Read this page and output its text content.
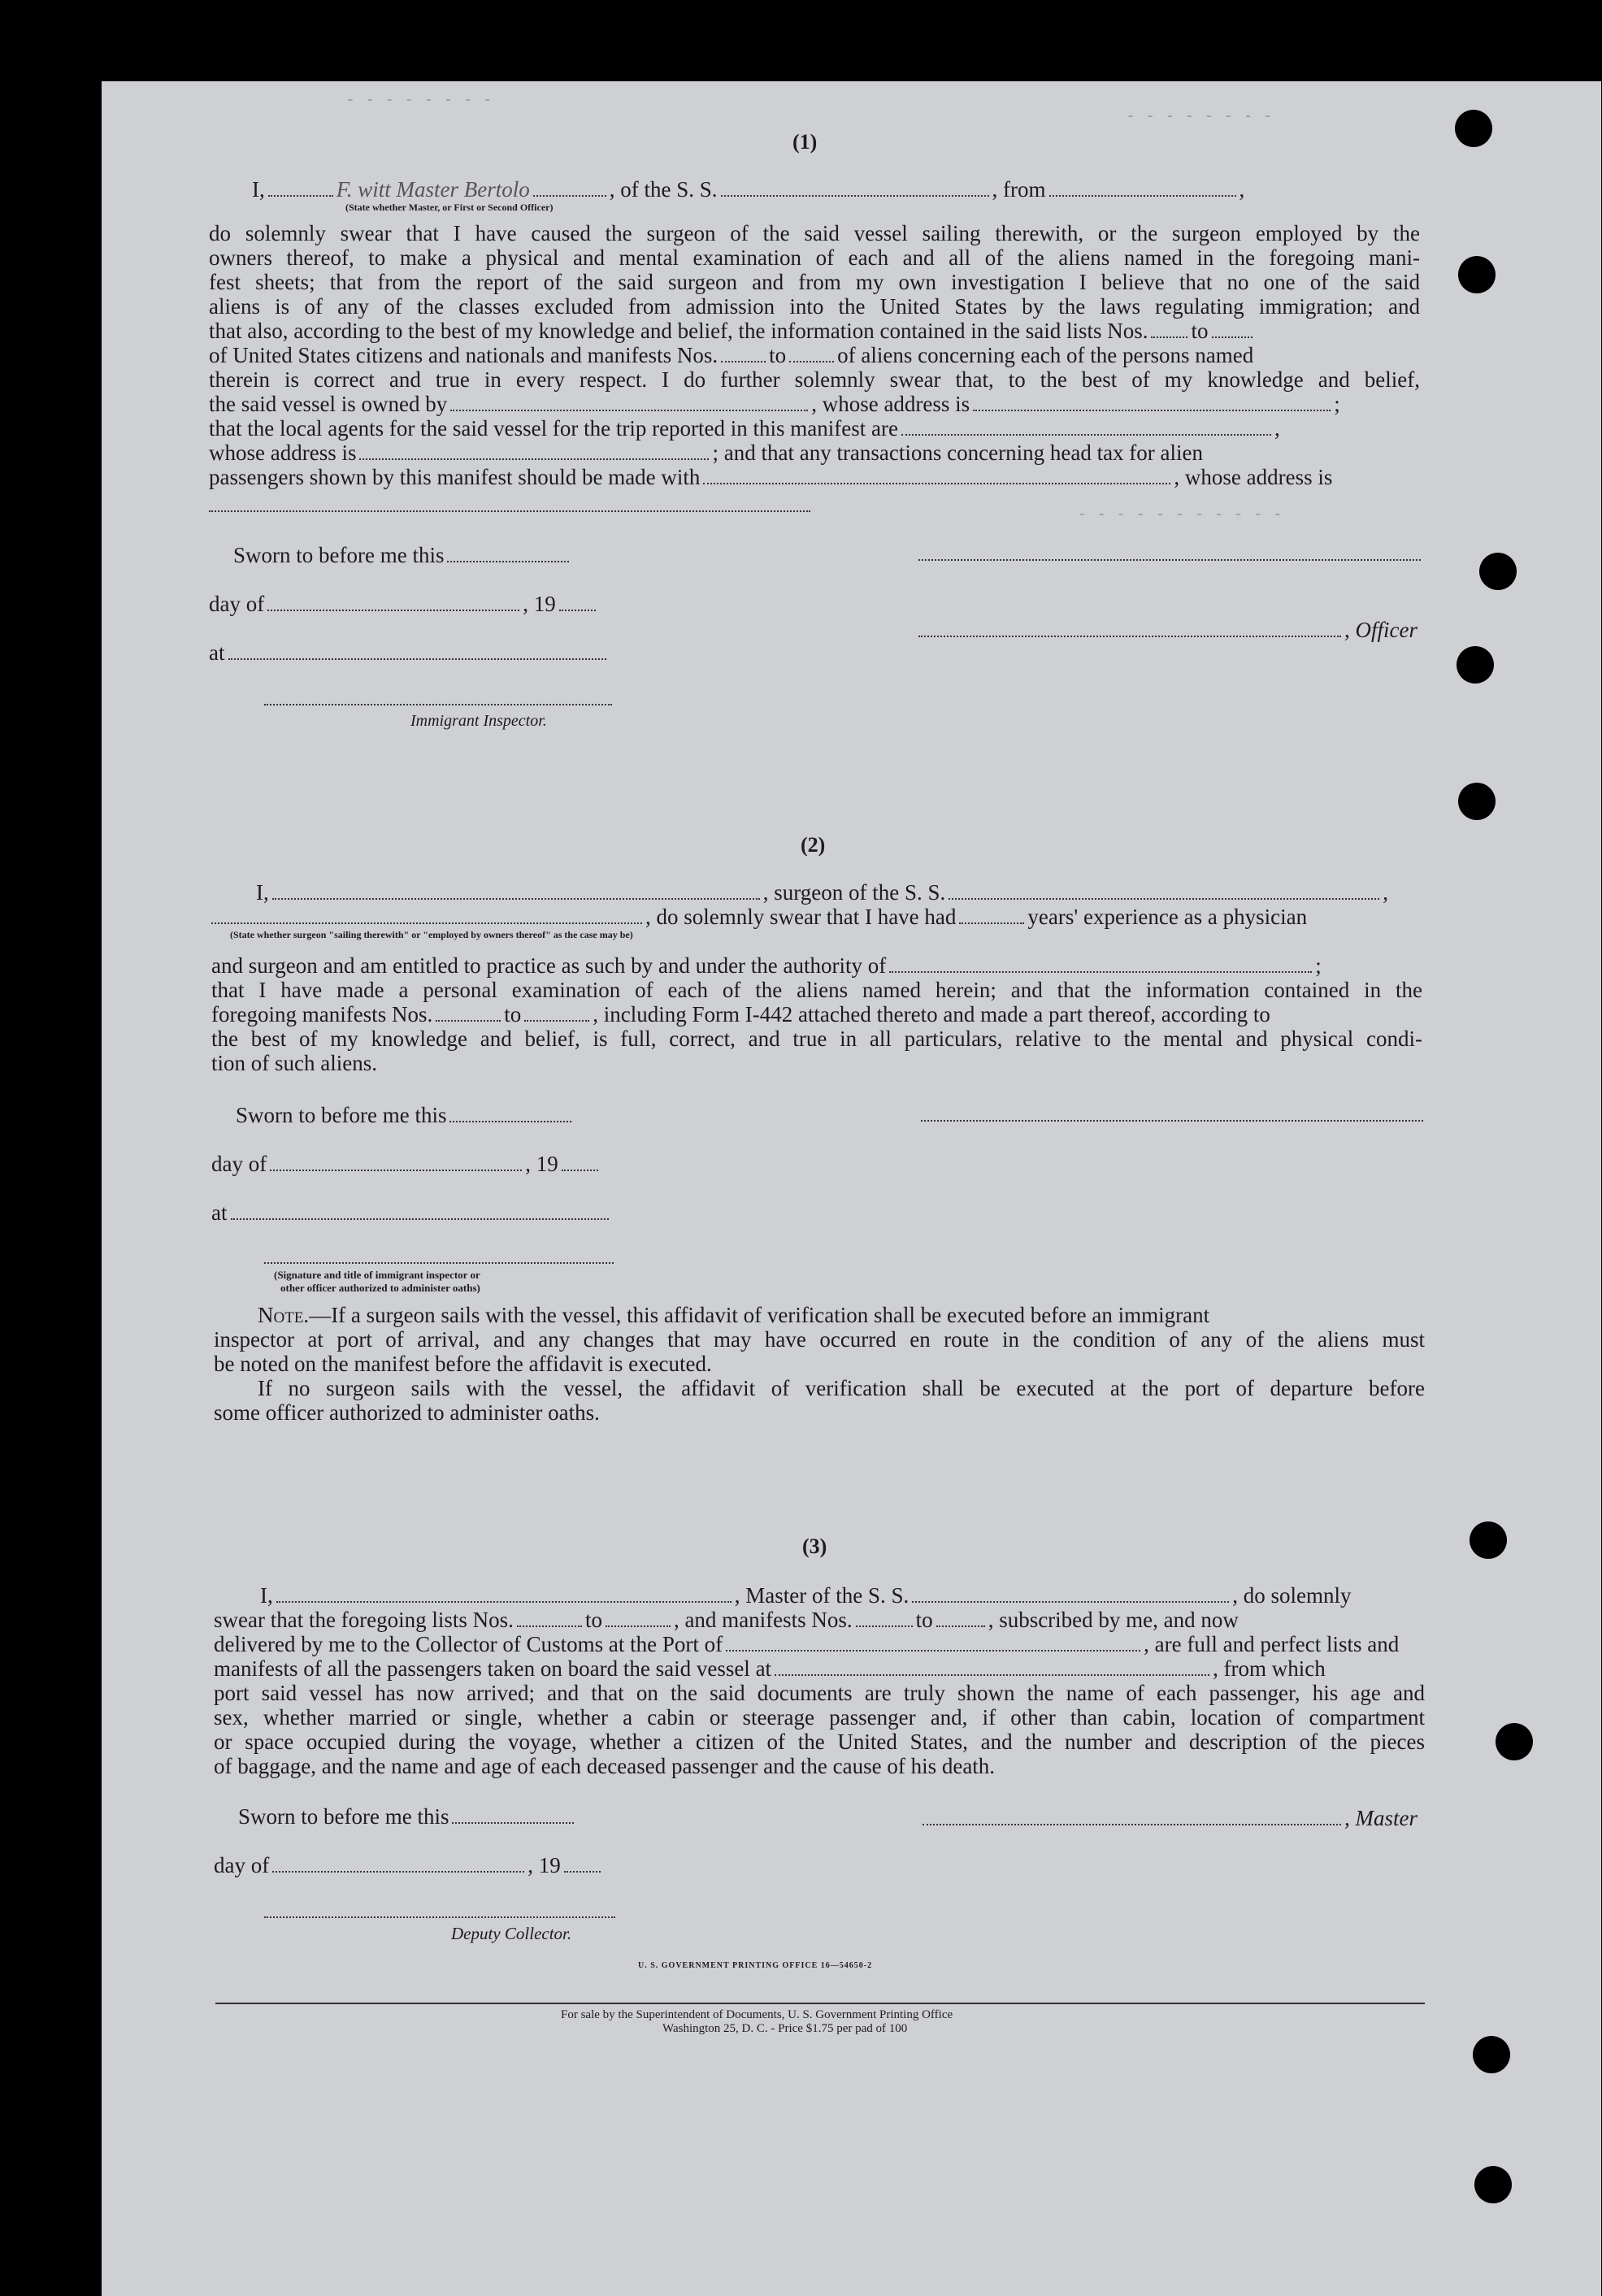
- - - - - - - -
- - - - - - - -
- - - - - - - - - - -
(1)
I,	F. witt Master Bertolo	, of the S. S.	, from	,
(State whether Master, or First or Second Officer)
do solemnly swear that I have caused the surgeon of the said vessel sailing therewith, or the surgeon employed by the
owners thereof, to make a physical and mental examination of each and all of the aliens named in the foregoing mani-
fest sheets; that from the report of the said surgeon and from my own investigation I believe that no one of the said
aliens is of any of the classes excluded from admission into the United States by the laws regulating immigration; and
that also, according to the best of my knowledge and belief, the information contained in the said lists Nos. to
of United States citizens and nationals and manifests Nos. to of aliens concerning each of the persons named
therein is correct and true in every respect. I do further solemnly swear that, to the best of my knowledge and belief,
the said vessel is owned by	, whose address is	;
that the local agents for the said vessel for the trip reported in this manifest are	,
whose address is	; and that any transactions concerning head tax for alien
passengers shown by this manifest should be made with	, whose address is
Sworn to before me this
day of	, 19
, Officer
at
Immigrant Inspector.
(2)
I,	, surgeon of the S. S.	,
, do solemnly swear that I have had	years' experience as a physician
(State whether surgeon "sailing therewith" or "employed by owners thereof" as the case may be)
and surgeon and am entitled to practice as such by and under the authority of	;
that I have made a personal examination of each of the aliens named herein; and that the information contained in the
foregoing manifests Nos.	to	, including Form I-442 attached thereto and made a part thereof, according to
the best of my knowledge and belief, is full, correct, and true in all particulars, relative to the mental and physical condi-
tion of such aliens.
Sworn to before me this
day of	, 19
at
(Signature and title of immigrant inspector or
other officer authorized to administer oaths)
Note.—If a surgeon sails with the vessel, this affidavit of verification shall be executed before an immigrant
inspector at port of arrival, and any changes that may have occurred en route in the condition of any of the aliens must
be noted on the manifest before the affidavit is executed.
If no surgeon sails with the vessel, the affidavit of verification shall be executed at the port of departure before
some officer authorized to administer oaths.
(3)
I,	, Master of the S. S.	, do solemnly
swear that the foregoing lists Nos.	to	, and manifests Nos.	to	, subscribed by me, and now
delivered by me to the Collector of Customs at the Port of	, are full and perfect lists and
manifests of all the passengers taken on board the said vessel at	, from which
port said vessel has now arrived; and that on the said documents are truly shown the name of each passenger, his age and
sex, whether married or single, whether a cabin or steerage passenger and, if other than cabin, location of compartment
or space occupied during the voyage, whether a citizen of the United States, and the number and description of the pieces
of baggage, and the name and age of each deceased passenger and the cause of his death.
Sworn to before me this	, Master
day of	, 19
Deputy Collector.
U. S. GOVERNMENT PRINTING OFFICE 16—54650-2
For sale by the Superintendent of Documents, U. S. Government Printing Office
Washington 25, D. C. - Price $1.75 per pad of 100
